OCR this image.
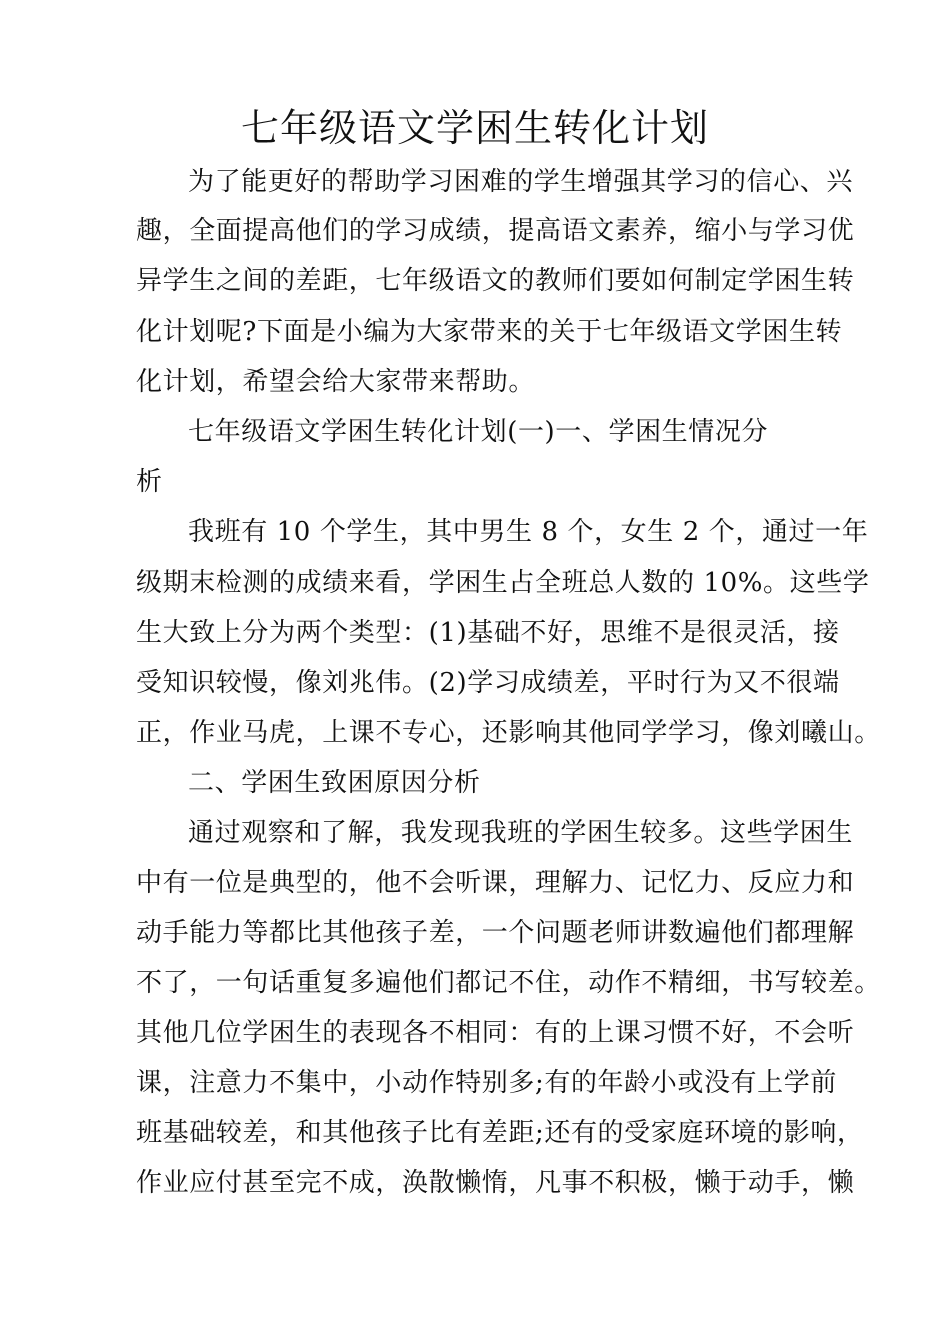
七年级语文学困生转化计划
为了能更好的帮助学习困难的学生增强其学习的信心、兴
趣，全面提高他们的学习成绩，提高语文素养，缩小与学习优
异学生之间的差距，七年级语文的教师们要如何制定学困生转
化计划呢?下面是小编为大家带来的关于七年级语文学困生转
化计划，希望会给大家带来帮助。
七年级语文学困生转化计划(一)一、学困生情况分
析
我班有 10 个学生，其中男生 8 个，女生 2 个，通过一年
级期末检测的成绩来看，学困生占全班总人数的 10%。这些学
生大致上分为两个类型：(1)基础不好，思维不是很灵活，接
受知识较慢，像刘兆伟。(2)学习成绩差，平时行为又不很端
正，作业马虎，上课不专心，还影响其他同学学习，像刘曦山。
二、学困生致困原因分析
通过观察和了解，我发现我班的学困生较多。这些学困生
中有一位是典型的，他不会听课，理解力、记忆力、反应力和
动手能力等都比其他孩子差，一个问题老师讲数遍他们都理解
不了，一句话重复多遍他们都记不住，动作不精细，书写较差。
其他几位学困生的表现各不相同：有的上课习惯不好，不会听
课，注意力不集中，小动作特别多;有的年龄小或没有上学前
班基础较差，和其他孩子比有差距;还有的受家庭环境的影响，
作业应付甚至完不成，涣散懒惰，凡事不积极，懒于动手，懒
